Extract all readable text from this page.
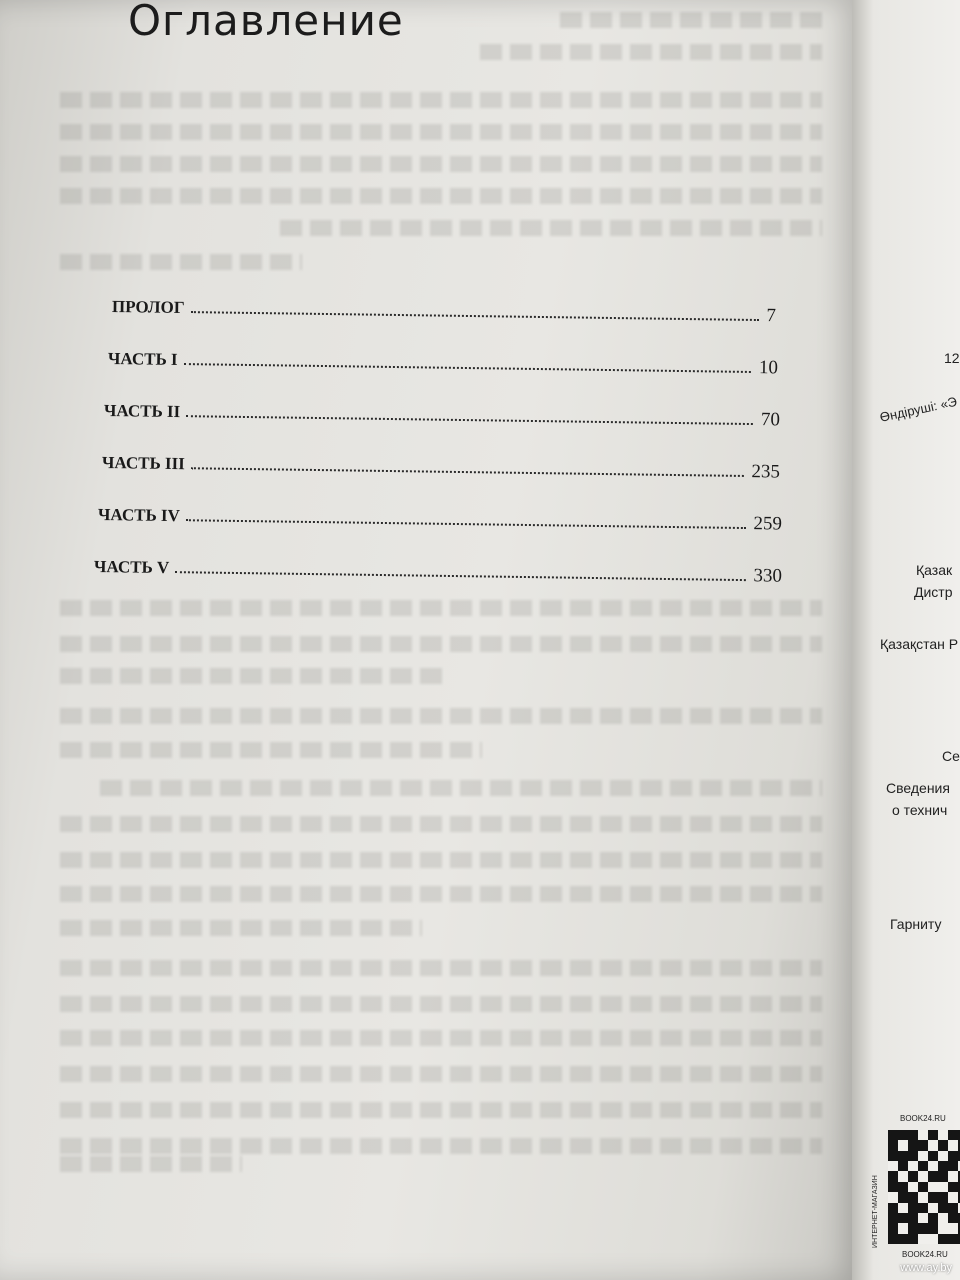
Оглавление
ПРОЛОГ	7
ЧАСТЬ I	10
ЧАСТЬ II	70
ЧАСТЬ III	235
ЧАСТЬ IV	259
ЧАСТЬ V	330
12
Өндіруші: «Э
Қазак
Дистр
Қазақстан Р
Се
Сведения
о технич
Гарниту
BOOK24.RU
ИНТЕРНЕТ-МАГАЗИН
BOOK24.RU
www.ay.by
